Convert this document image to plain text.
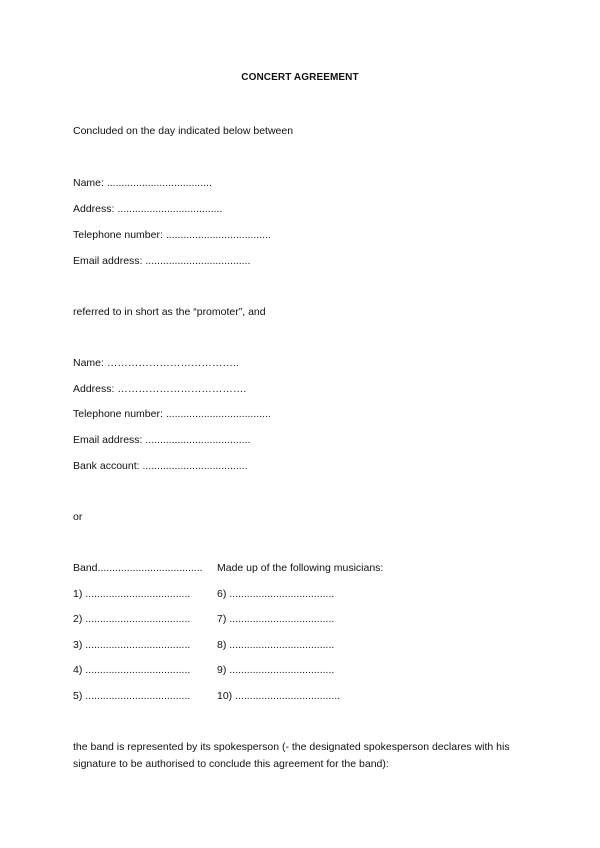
CONCERT AGREEMENT
Concluded on the day indicated below between
Name: ....................................
Address: ....................................
Telephone number: ....................................
Email address: ....................................
referred to in short as the “promoter”, and
Name: ………………………………..
Address: ……………………………….
Telephone number: ....................................
Email address: ....................................
Bank account: ....................................
or
Band.................................... Made up of the following musicians:
1) ....................................	6) ....................................
2) ....................................	7) ....................................
3) ....................................	8) ....................................
4) ....................................	9) ....................................
5) ....................................	10) ....................................
the band is represented by its spokesperson (- the designated spokesperson declares with his signature to be authorised to conclude this agreement for the band):
